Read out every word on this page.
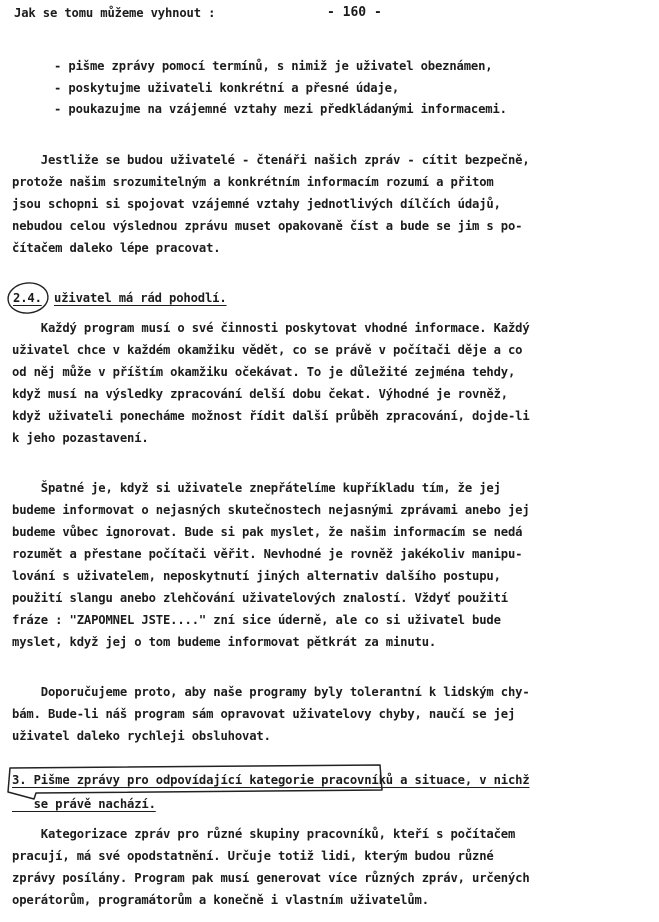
Jak se tomu můžeme vyhnout :	- 160 -
- pišme zprávy pomocí termínů, s nimiž je uživatel obeznámen,
- poskytujme uživateli konkrétní a přesné údaje,
- poukazujme na vzájemné vztahy mezi předkládanými informacemi.
Jestliže se budou uživatelé - čtenáři našich zpráv - cítit bezpečně,
protože našim srozumitelným a konkrétním informacím rozumí a přitom
jsou schopni si spojovat vzájemné vztahy jednotlivých dílčích údajů,
nebudou celou výslednou zprávu muset opakovaně číst a bude se jim s po-
čítačem daleko lépe pracovat.
2.4. uživatel má rád pohodlí.
Každý program musí o své činnosti poskytovat vhodné informace. Každý
uživatel chce v každém okamžiku vědět, co se právě v počítači děje a co
od něj může v příštím okamžiku očekávat. To je důležité zejména tehdy,
když musí na výsledky zpracování delší dobu čekat. Výhodné je rovněž,
když uživateli ponecháme možnost řídit další průběh zpracování, dojde-li
k jeho pozastavení.
Špatné je, když si uživatele znepřátelíme kupříkladu tím, že jej
budeme informovat o nejasných skutečnostech nejasnými zprávami anebo jej
budeme vůbec ignorovat. Bude si pak myslet, že našim informacím se nedá
rozumět a přestane počítači věřit. Nevhodné je rovněž jakékoliv manipu-
lování s uživatelem, neposkytnutí jiných alternativ dalšího postupu,
použití slangu anebo zlehčování uživatelových znalostí. Vždyť použití
fráze : "ZAPOMNEL JSTE...." zní sice úderně, ale co si uživatel bude
myslet, když jej o tom budeme informovat pětkrát za minutu.
Doporučujeme proto, aby naše programy byly tolerantní k lidským chy-
bám. Bude-li náš program sám opravovat uživatelovy chyby, naučí se jej
uživatel daleko rychleji obsluhovat.
3. Pišme zprávy pro odpovídající kategorie pracovníků a situace, v nichž
se právě nachází.
Kategorizace zpráv pro různé skupiny pracovníků, kteří s počítačem
pracují, má své opodstatnění. Určuje totiž lidi, kterým budou různé
zprávy posílány. Program pak musí generovat více různých zpráv, určených
operátorům, programátorům a konečně i vlastním uživatelům.
